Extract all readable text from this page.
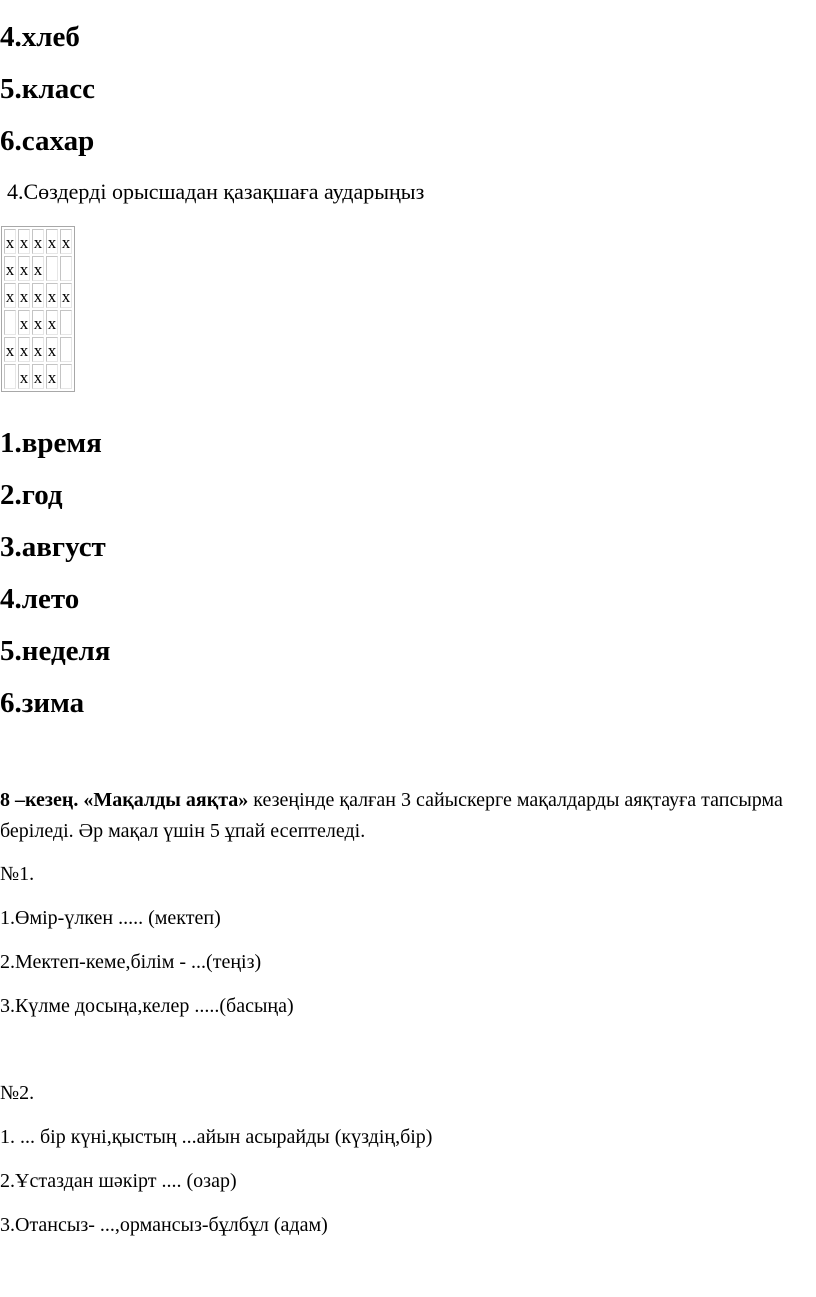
4.хлеб

5.класс

6.сахар

4.Сөздерді орысшадан қазақшаға аударыңыз

х	х	х	х	х
х	х	х		
х	х	х	х	х
	х	х	х	
х	х	х	х	
	х	х	х	

1.время

2.год

3.август

4.лето

5.неделя

6.зима

8 –кезең. «Мақалды аяқта» кезеңінде қалған 3 сайыскерге мақалдарды аяқтауға тапсырма беріледі. Әр мақал үшін 5 ұпай есептеледі.

№1.

1.Өмір-үлкен ..... (мектеп)

2.Мектеп-кеме,білім - ...(теңіз)

3.Күлме досыңа,келер .....(басыңа)

№2.

1. ... бір күні,қыстың ...айын асырайды (күздің,бір)

2.Ұстаздан шәкірт .... (озар)

3.Отансыз- ...,ормансыз-бұлбұл (адам)
